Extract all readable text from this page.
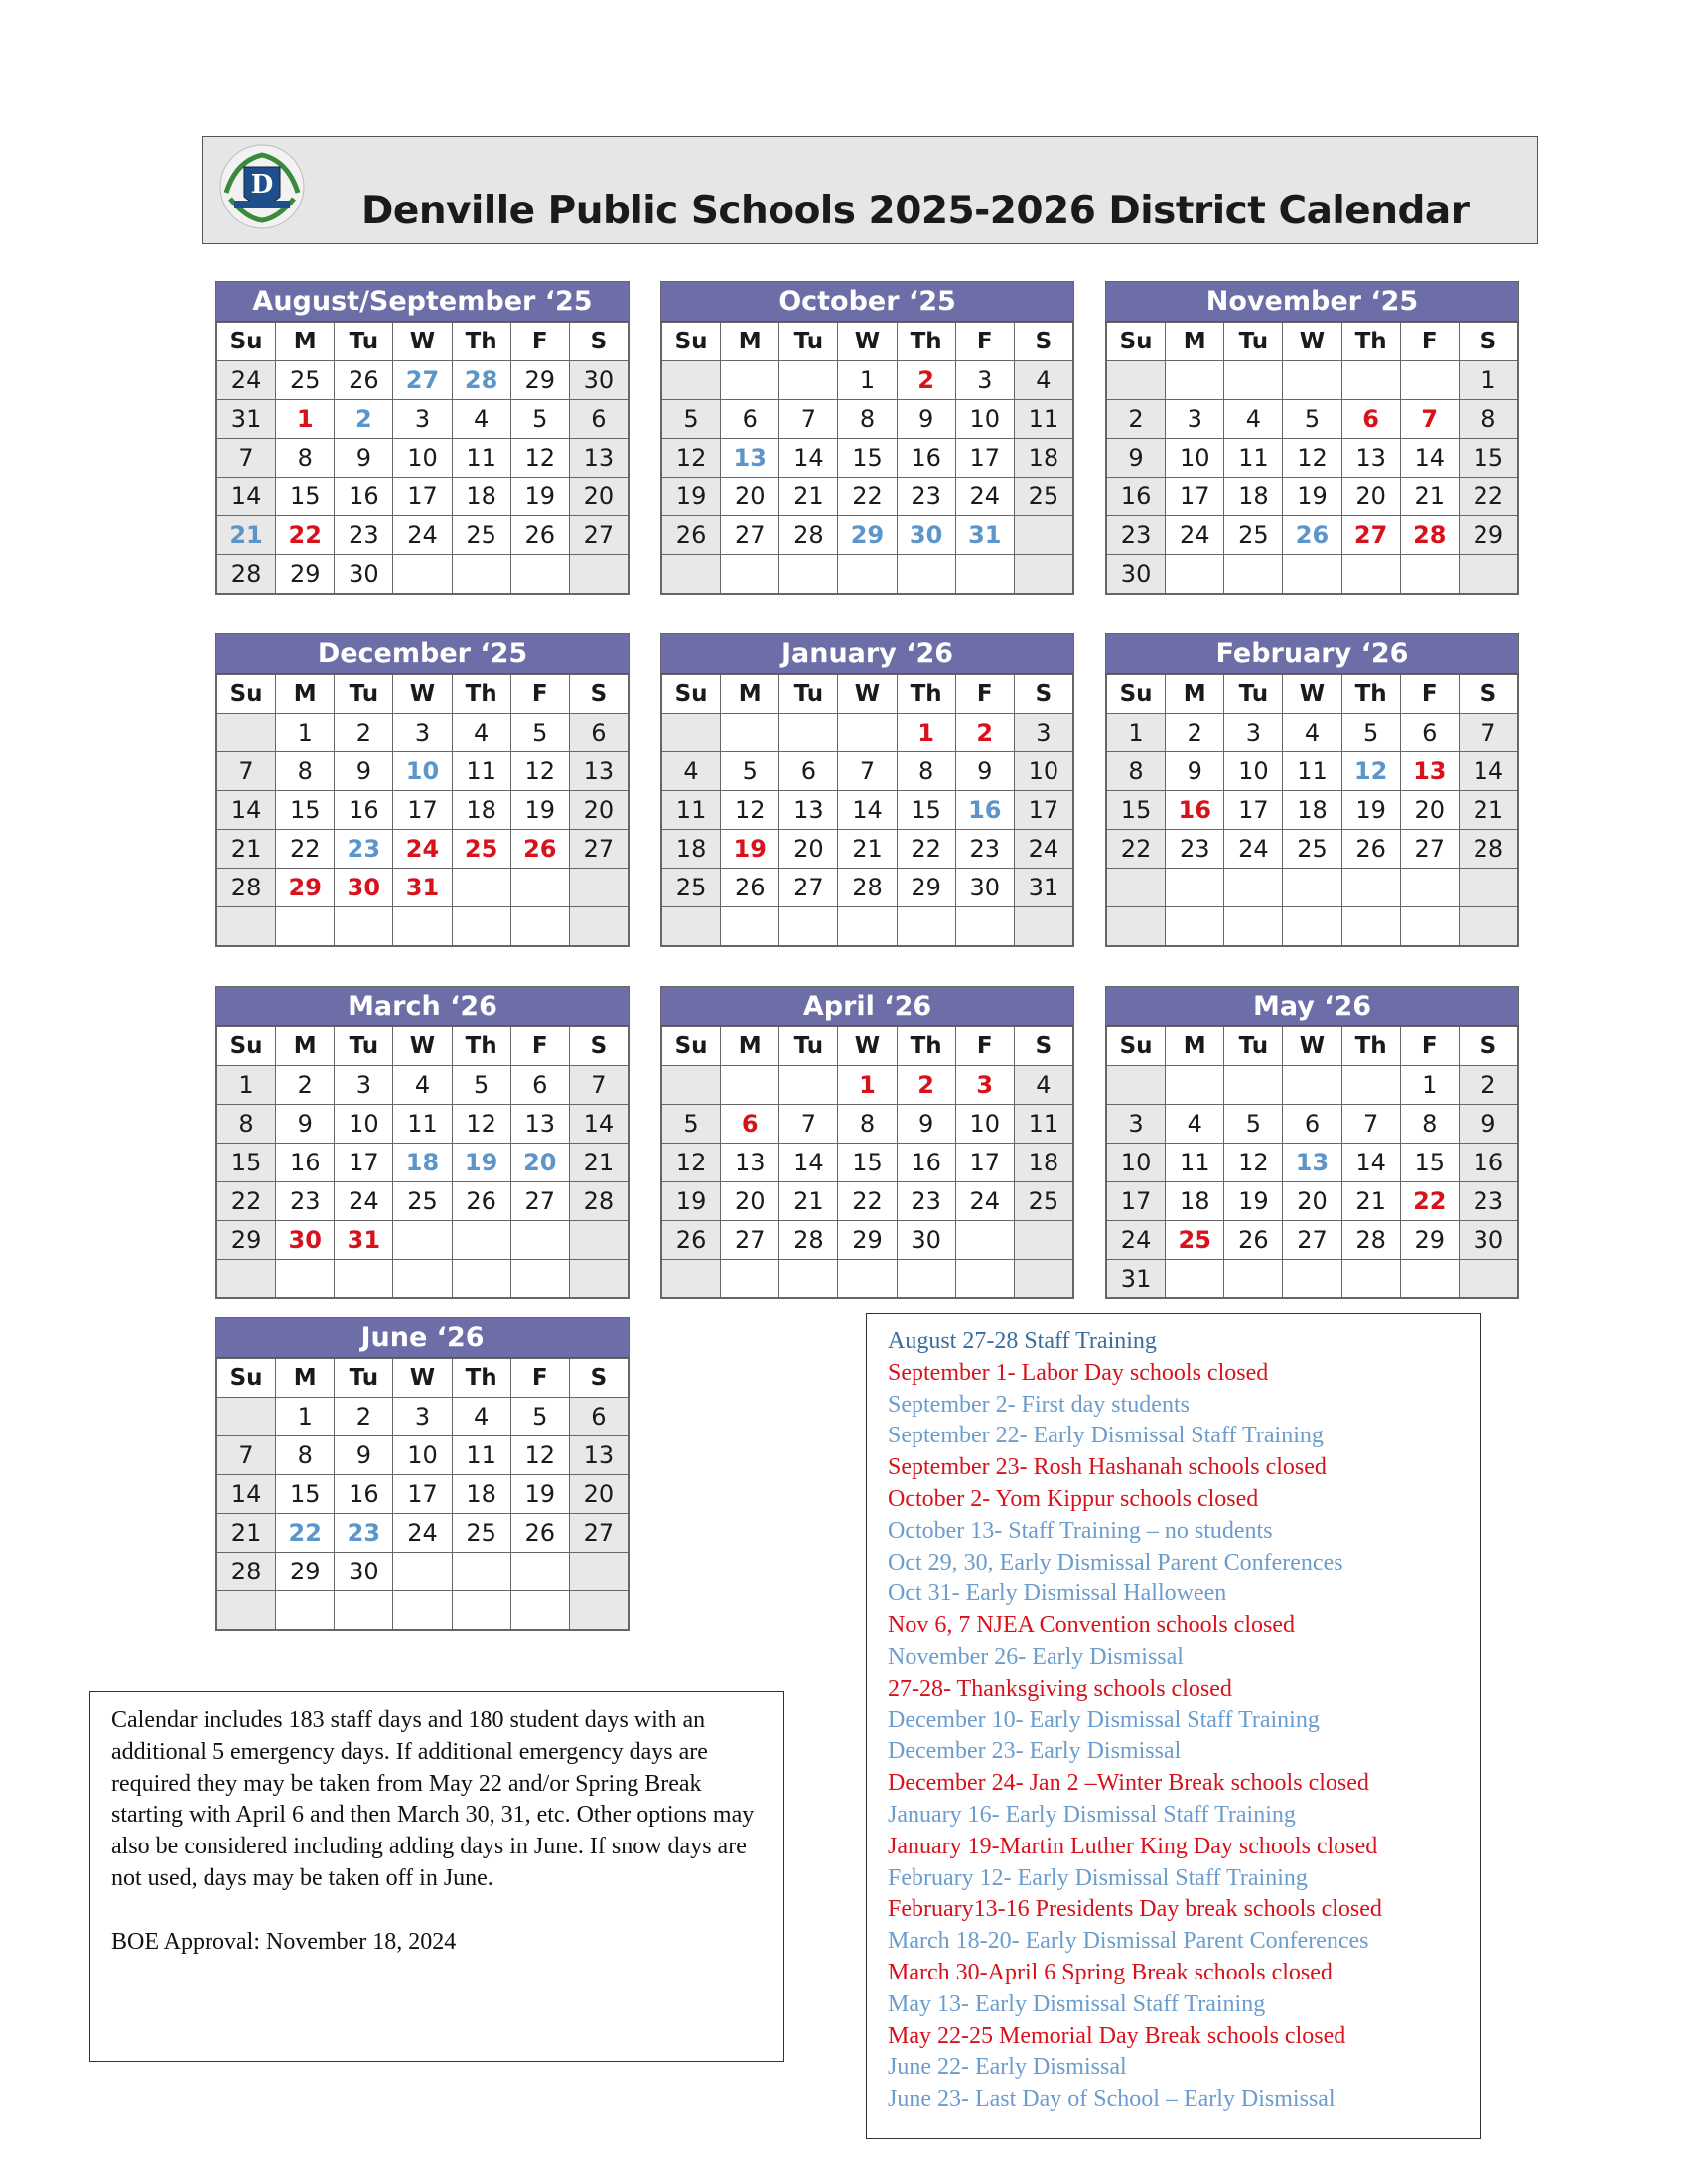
D
Denville Public Schools 2025-2026 District Calendar
August/September ‘25
Su	M	Tu	W	Th	F	S
24	25	26	27	28	29	30
31	1	2	3	4	5	6
7	8	9	10	11	12	13
14	15	16	17	18	19	20
21	22	23	24	25	26	27
28	29	30				
October ‘25
Su	M	Tu	W	Th	F	S
			1	2	3	4
5	6	7	8	9	10	11
12	13	14	15	16	17	18
19	20	21	22	23	24	25
26	27	28	29	30	31	

November ‘25
Su	M	Tu	W	Th	F	S
						1
2	3	4	5	6	7	8
9	10	11	12	13	14	15
16	17	18	19	20	21	22
23	24	25	26	27	28	29
30						
December ‘25
Su	M	Tu	W	Th	F	S
	1	2	3	4	5	6
7	8	9	10	11	12	13
14	15	16	17	18	19	20
21	22	23	24	25	26	27
28	29	30	31			

January ‘26
Su	M	Tu	W	Th	F	S
				1	2	3
4	5	6	7	8	9	10
11	12	13	14	15	16	17
18	19	20	21	22	23	24
25	26	27	28	29	30	31

February ‘26
Su	M	Tu	W	Th	F	S
1	2	3	4	5	6	7
8	9	10	11	12	13	14
15	16	17	18	19	20	21
22	23	24	25	26	27	28

March ‘26
Su	M	Tu	W	Th	F	S
1	2	3	4	5	6	7
8	9	10	11	12	13	14
15	16	17	18	19	20	21
22	23	24	25	26	27	28
29	30	31				

April ‘26
Su	M	Tu	W	Th	F	S
			1	2	3	4
5	6	7	8	9	10	11
12	13	14	15	16	17	18
19	20	21	22	23	24	25
26	27	28	29	30		

May ‘26
Su	M	Tu	W	Th	F	S
					1	2
3	4	5	6	7	8	9
10	11	12	13	14	15	16
17	18	19	20	21	22	23
24	25	26	27	28	29	30
31						
June ‘26
Su	M	Tu	W	Th	F	S
	1	2	3	4	5	6
7	8	9	10	11	12	13
14	15	16	17	18	19	20
21	22	23	24	25	26	27
28	29	30				

August 27-28 Staff Training
September 1- Labor Day schools closed
September 2- First day students
September 22- Early Dismissal Staff Training
September 23- Rosh Hashanah schools closed
October 2- Yom Kippur schools closed
October 13- Staff Training – no students
Oct 29, 30, Early Dismissal Parent Conferences
Oct 31- Early Dismissal Halloween
Nov 6, 7 NJEA Convention schools closed
November 26- Early Dismissal
27-28- Thanksgiving schools closed
December 10- Early Dismissal Staff Training
December 23- Early Dismissal
December 24- Jan 2 –Winter Break schools closed
January 16- Early Dismissal Staff Training
January 19-Martin Luther King Day schools closed
February 12- Early Dismissal Staff Training
February13-16 Presidents Day break schools closed
March 18-20- Early Dismissal Parent Conferences
March 30-April 6 Spring Break schools closed
May 13- Early Dismissal Staff Training
May 22-25 Memorial Day Break schools closed
June 22- Early Dismissal
June 23- Last Day of School – Early Dismissal

Calendar includes 183 staff days and 180 student days with an additional 5 emergency days. If additional emergency days are required they may be taken from May 22 and/or Spring Break starting with April 6 and then March 30, 31, etc. Other options may also be considered including adding days in June. If snow days are not used, days may be taken off in June.

BOE Approval: November 18, 2024
